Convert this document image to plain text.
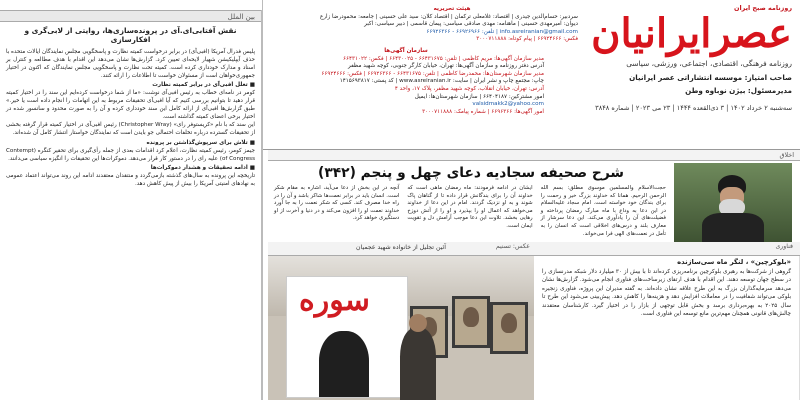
بین الملل
نقش آفتابی‌ای.آی در پرونده‌سازی‌ها، روایتی از لابی‌گری و افکارسازی

پلیس فدرال آمریکا (افبی‌آی) در برابر درخواست کمیته نظارت و پاسخگویی مجلس نمایندگان ایالات متحده با حذف آیپلیکیشن شهیار لایحه‌ای تعیین کرد. گزارش‌ها نشان می‌دهد این اقدام با هدف مطالعه و کنترل بر اسناد و مدارک خودداری کرده است. کمیته تحت نظارت و پاسخگویی مجلس نمایندگان که اکنون در اختیار جمهوری‌خواهان است از مسئولان خواست تا اطلاعات را ارائه کنند.

■ تعلل افبی‌آی در برابر کمیته نظارت

کومر در نامه‌ای خطاب به رئیس افبی‌آی نوشت: «ما از شما درخواست کرده‌ایم این سند را در اختیار کمیته قرار دهید تا بتوانیم بررسی کنیم که آیا افبی‌آی تحقیقات مربوط به این اتهامات را انجام داده است یا خیر.» طبق گزارش‌ها افبی‌آی از ارائه کامل این سند خودداری کرده و آن را به صورت محدود و سانسور شده در اختیار برخی اعضای کمیته گذاشته است.

این سند که با نام «کریستوفر رای» (Christopher Wray) رئیس افبی‌آی در اختیار کمیته قرار گرفته بخشی از تحقیقات گسترده درباره تخلفات احتمالی جو بایدن است که نمایندگان خواستار انتشار کامل آن شده‌اند.

■ تلاش برای سرپوش‌گذاشتن بر پرونده

جیمز کومر، رئیس کمیته نظارت، اعلام کرد اقدامات بعدی از جمله رأی‌گیری برای تحقیر کنگره (Contempt of Congress) علیه رای را در دستور کار قرار می‌دهد. دموکرات‌ها این تحقیقات را انگیزه سیاسی می‌دانند.

■ ادامه تحقیقات و هشدار دموکرات‌ها

تاریخچه این پرونده به سال‌های گذشته بازمی‌گردد و منتقدان معتقدند ادامه این روند می‌تواند اعتماد عمومی به نهادهای امنیتی آمریکا را بیش از پیش کاهش دهد.

روزنامه صبح ایران
عصرایرانیان
روزنامه فرهنگی، اقتصادی، اجتماعی، ورزشی، سیاسی
صاحب امتیاز: موسسه انتشاراتی عصر ایرانیان
مدیرمسئول: بیژن نوباوه وطن
سه‌شنبه ۲ خرداد ۱۴۰۲ | ۳ ذی‌القعده ۱۴۴۴ | ۲۳ می ۲۰۲۳ | شماره ۳۸۴۸
هیئت تحریریه
سردبیر: حسام‌الدین جیدری | اقتصاد: غلامعلی ترکمان | اقتصاد کلان: سید علی حسینی | جامعه: محمودرضا زارع
دیوان: امیرمهدی حسینی | ماهنامه: مهدی صادقی سیاسی: پیمان قاسمی | دبیر سیاسی: اکبر
info.asreiranian@gmail.com | تلفن: ۶۶۹۲۶۹۶۶ - ۶۶۹۲۶۳۶۶
فکس: ۶۶۹۲۴۶۶۶ | پیام کوتاه: ۳۰۰۰۷۱۱۸۸۸
سازمان آگهی‌ها
مدیر سازمان آگهی‌ها: مریم کاظمی | تلفن: ۶۶۴۳۱۶۷۵ - ۶۶۴۳۰۰۲۵ | فکس: ۶۶۴۳۱۰۲۲
آدرس دفتر روزنامه و سازمان آگهی‌ها: تهران، خیابان کارگر جنوبی، کوچه شهید مظفر
مدیر سازمان شهرستان‌ها: محمدرضا کاظمی | تلفن: ۶۶۴۳۱۶۷۵ - ۶۶۹۲۶۳۶۶ | فکس: ۶۶۹۲۴۶۶۶
چاپ: مجتمع چاپ و نشر ایران | سایت: www.asreiranian.ir | کد پستی: ۱۴۱۵۶۹۳۸۱۷
آدرس: تهران، خیابان انقلاب، کوچه شهید مظفر، پلاک ۱۷، واحد ۴
امور مشترکین: ۶۶۴۰۴۱۸۷ | سازمان شهرستان‌ها: ایمیل
valsidmakk2@yahoo.com
امور آگهی‌ها: ۶۶۹۶۳۶۶ | شماره پیامک: ۳۰۰۰۷۱۱۸۸۸
اخلاق
شرح صحیفه سجادیه دعای چهل و پنجم (۳۴۲)

حجت‌الاسلام والمسلمین موسوی مطلق: بسم الله الرحمن الرحیم. همانا که خداوند بزرگ خیر و رحمت را برای بندگان خود خواسته است. امام سجاد علیه‌السلام در این دعا به وداع با ماه مبارک رمضان پرداخته و فضیلت‌های آن را یادآوری می‌کند. این دعا سرشار از معارف بلند و درس‌های اخلاقی است که انسان را به تأمل در نعمت‌های الهی فرا می‌خواند.

ایشان در ادامه فرمودند: ماه رمضان ماهی است که خداوند آن را برای بندگانش قرار داده تا از گناهان پاک شوند و به او نزدیک گردند. امام در این دعا از خداوند می‌خواهد که اعمال او را بپذیرد و او را از آتش دوزخ رهایی بخشد. تلاوت این دعا موجب آرامش دل و تقویت ایمان است.

آنچه در این بخش از دعا می‌آید، اشاره به مقام شکر است. انسان باید در برابر نعمت‌ها شاکر باشد و آن را در راه خدا مصرف کند. کسی که شکر نعمت را به جا آورد خداوند نعمت او را افزون می‌کند و در دنیا و آخرت از او دستگیری خواهد کرد.

آئین تجلیل از خانواده شهید عجمیان	عکس: تسنیم
سوره
فناوری
«بلوکرچین» ، لنگر ماه سی‌سازنده

گروهی از شرکت‌ها به رهبری بلوکرچین برنامه‌ریزی کرده‌اند تا با بیش از ۳۰ میلیارد دلار شبکه مدرنسازی را در سطح جهان توسعه دهند. این اقدام با هدف ارتقای زیرساخت‌های فناوری انجام می‌شود. گزارش‌ها نشان می‌دهد سرمایه‌گذاران بزرگ به این طرح علاقه نشان داده‌اند. به گفته مدیران این پروژه، فناوری زنجیره بلوکی می‌تواند شفافیت را در معاملات افزایش دهد و هزینه‌ها را کاهش دهد. پیش‌بینی می‌شود این طرح تا سال ۲۰۲۵ به بهره‌برداری برسد و بخش قابل توجهی از بازار را در اختیار گیرد. کارشناسان معتقدند چالش‌های قانونی همچنان مهم‌ترین مانع توسعه این فناوری است.
